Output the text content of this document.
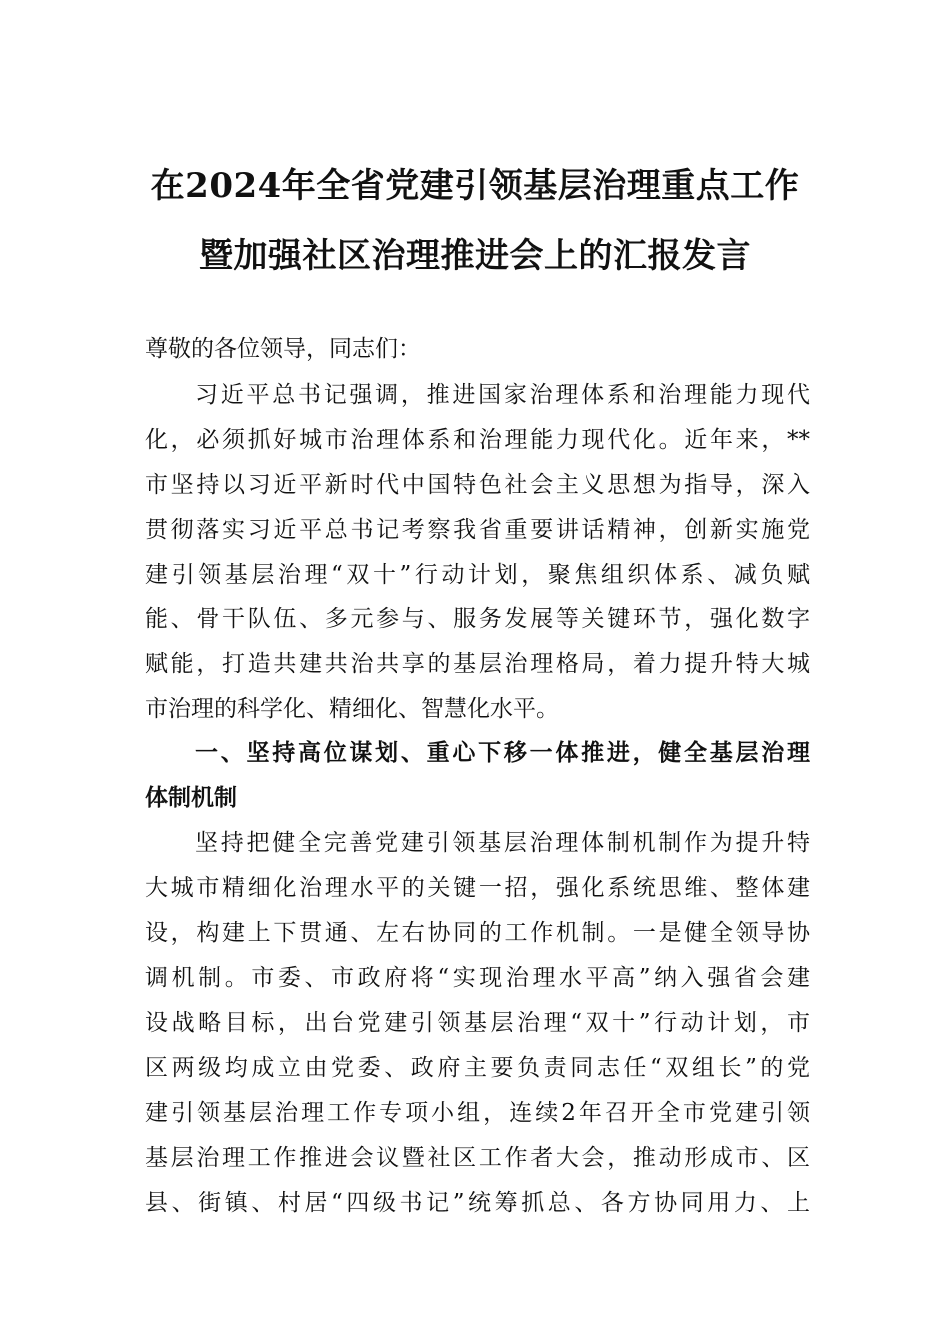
在2024年全省党建引领基层治理重点工作
暨加强社区治理推进会上的汇报发言
尊敬的各位领导，同志们：
习近平总书记强调，推进国家治理体系和治理能力现代
化，必须抓好城市治理体系和治理能力现代化。近年来，**
市坚持以习近平新时代中国特色社会主义思想为指导，深入
贯彻落实习近平总书记考察我省重要讲话精神，创新实施党
建引领基层治理“双十”行动计划，聚焦组织体系、减负赋
能、骨干队伍、多元参与、服务发展等关键环节，强化数字
赋能，打造共建共治共享的基层治理格局，着力提升特大城
市治理的科学化、精细化、智慧化水平。
一、坚持高位谋划、重心下移一体推进，健全基层治理
体制机制
坚持把健全完善党建引领基层治理体制机制作为提升特
大城市精细化治理水平的关键一招，强化系统思维、整体建
设，构建上下贯通、左右协同的工作机制。一是健全领导协
调机制。市委、市政府将“实现治理水平高”纳入强省会建
设战略目标，出台党建引领基层治理“双十”行动计划，市
区两级均成立由党委、政府主要负责同志任“双组长”的党
建引领基层治理工作专项小组，连续2年召开全市党建引领
基层治理工作推进会议暨社区工作者大会，推动形成市、区
县、街镇、村居“四级书记”统筹抓总、各方协同用力、上
